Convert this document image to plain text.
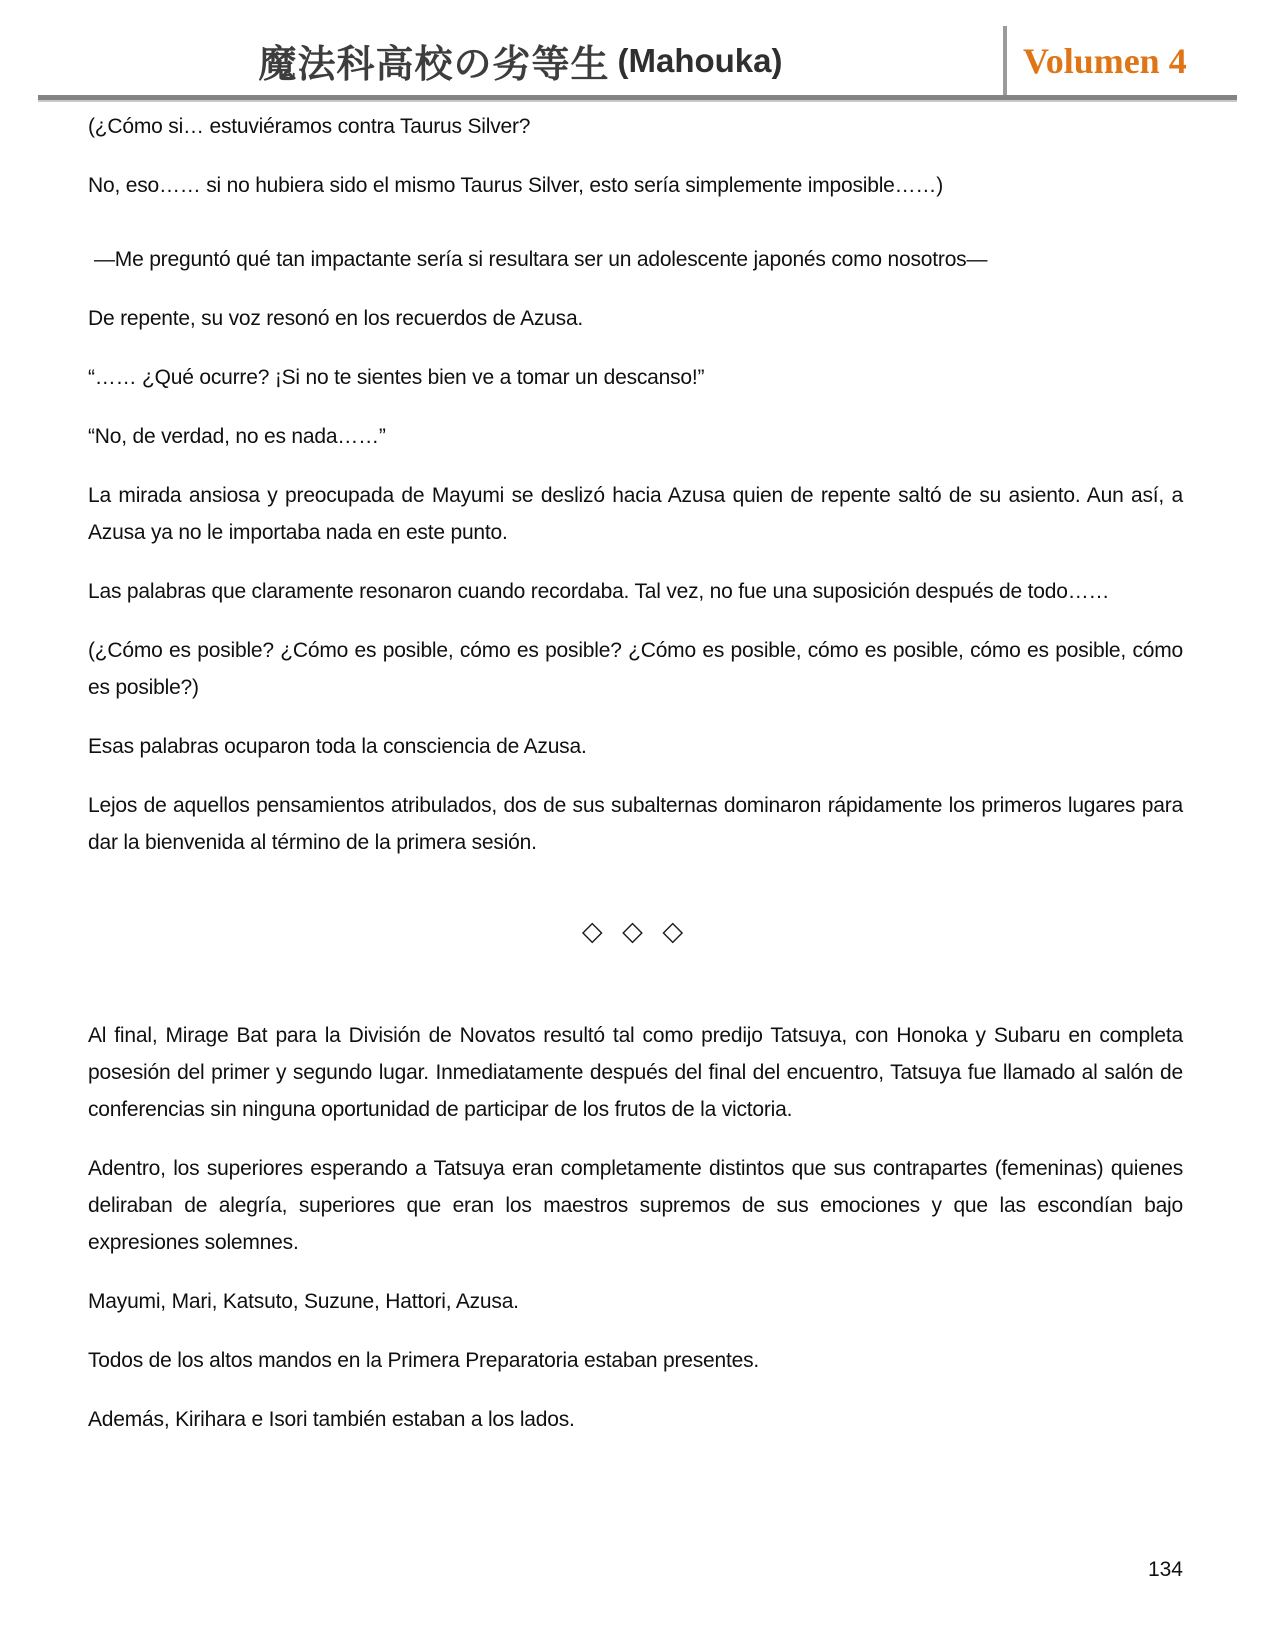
魔法科高校の劣等生 (Mahouka)	Volumen 4

(¿Cómo si… estuviéramos contra Taurus Silver?

No, eso…… si no hubiera sido el mismo Taurus Silver, esto sería simplemente imposible……)

—Me preguntó qué tan impactante sería si resultara ser un adolescente japonés como nosotros—

De repente, su voz resonó en los recuerdos de Azusa.

“…… ¿Qué ocurre? ¡Si no te sientes bien ve a tomar un descanso!”

“No, de verdad, no es nada……”

La mirada ansiosa y preocupada de Mayumi se deslizó hacia Azusa quien de repente saltó de su asiento. Aun así, a Azusa ya no le importaba nada en este punto.

Las palabras que claramente resonaron cuando recordaba. Tal vez, no fue una suposición después de todo……

(¿Cómo es posible? ¿Cómo es posible, cómo es posible? ¿Cómo es posible, cómo es posible, cómo es posible, cómo es posible?)

Esas palabras ocuparon toda la consciencia de Azusa.

Lejos de aquellos pensamientos atribulados, dos de sus subalternas dominaron rápidamente los primeros lugares para dar la bienvenida al término de la primera sesión.

◇ ◇ ◇

Al final, Mirage Bat para la División de Novatos resultó tal como predijo Tatsuya, con Honoka y Subaru en completa posesión del primer y segundo lugar. Inmediatamente después del final del encuentro, Tatsuya fue llamado al salón de conferencias sin ninguna oportunidad de participar de los frutos de la victoria.

Adentro, los superiores esperando a Tatsuya eran completamente distintos que sus contrapartes (femeninas) quienes deliraban de alegría, superiores que eran los maestros supremos de sus emociones y que las escondían bajo expresiones solemnes.

Mayumi, Mari, Katsuto, Suzune, Hattori, Azusa.

Todos de los altos mandos en la Primera Preparatoria estaban presentes.

Además, Kirihara e Isori también estaban a los lados.

134
